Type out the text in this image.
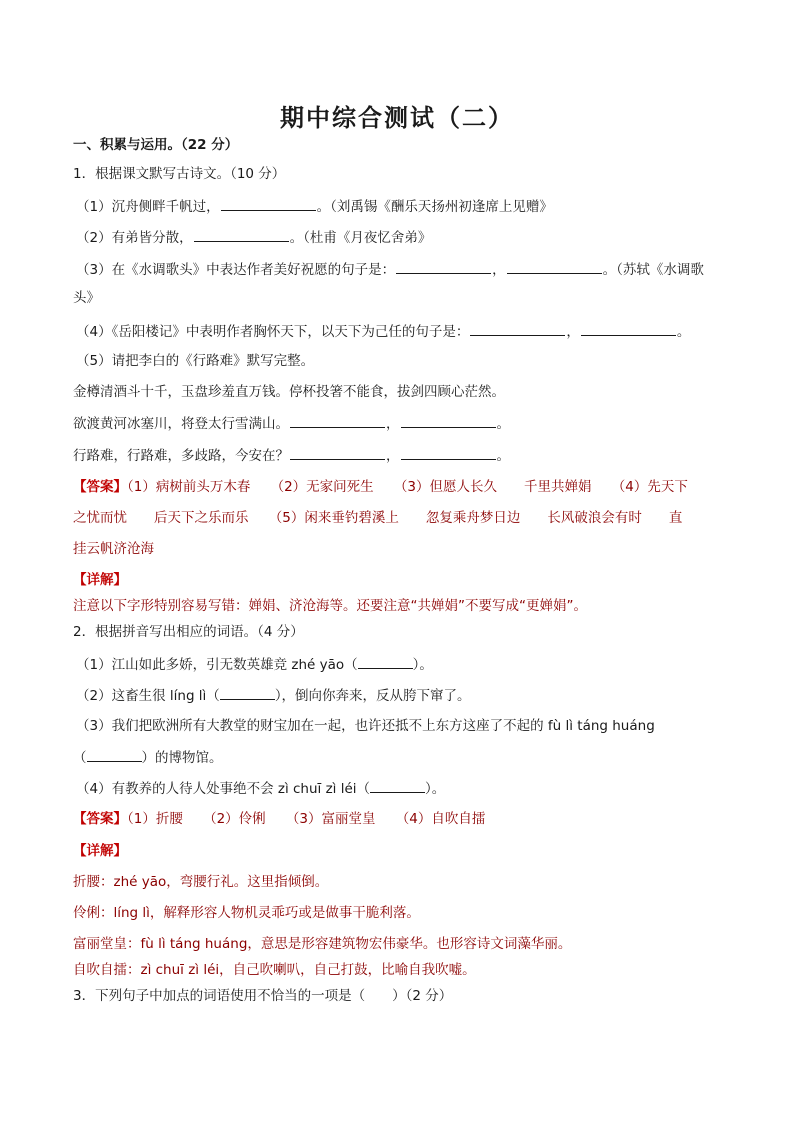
期中综合测试（二）
一、积累与运用。（22 分）
1．根据课文默写古诗文。（10 分）
（1）沉舟侧畔千帆过，	。（刘禹锡《酬乐天扬州初逢席上见赠》
（2）有弟皆分散，	。（杜甫《月夜忆舍弟》
（3）在《水调歌头》中表达作者美好祝愿的句子是：	，	。（苏轼《水调歌
头》
（4）《岳阳楼记》中表明作者胸怀天下，以天下为己任的句子是：	，	。
（5）请把李白的《行路难》默写完整。
金樽清酒斗十千，玉盘珍羞直万钱。停杯投箸不能食，拔剑四顾心茫然。
欲渡黄河冰塞川，将登太行雪满山。	，	。
行路难，行路难，多歧路，今安在？	，	。
【答案】（1）病树前头万木春　　（2）无家问死生　　（3）但愿人长久　　千里共婵娟　　（4）先天下
之忧而忧　　后天下之乐而乐　　（5）闲来垂钓碧溪上　　忽复乘舟梦日边　　长风破浪会有时　　直
挂云帆济沧海
【详解】
注意以下字形特别容易写错：婵娟、济沧海等。还要注意“共婵娟”不要写成“更婵娟”。
2．根据拼音写出相应的词语。（4 分）
（1）江山如此多娇，引无数英雄竞 zhé yāo（	）。
（2）这畜生很 líng lì（	），倒向你奔来，反从胯下窜了。
（3）我们把欧洲所有大教堂的财宝加在一起，也许还抵不上东方这座了不起的 fù lì táng huáng
（	）的博物馆。
（4）有教养的人待人处事绝不会 zì chuī zì léi（	）。
【答案】（1）折腰　　（2）伶俐　　（3）富丽堂皇　　（4）自吹自擂
【详解】
折腰：zhé yāo，弯腰行礼。这里指倾倒。
伶俐：líng lì，解释形容人物机灵乖巧或是做事干脆利落。
富丽堂皇：fù lì táng huáng，意思是形容建筑物宏伟豪华。也形容诗文词藻华丽。
自吹自擂：zì chuī zì léi，自己吹喇叭，自己打鼓，比喻自我吹嘘。
3．下列句子中加点的词语使用不恰当的一项是（　　）（2 分）
